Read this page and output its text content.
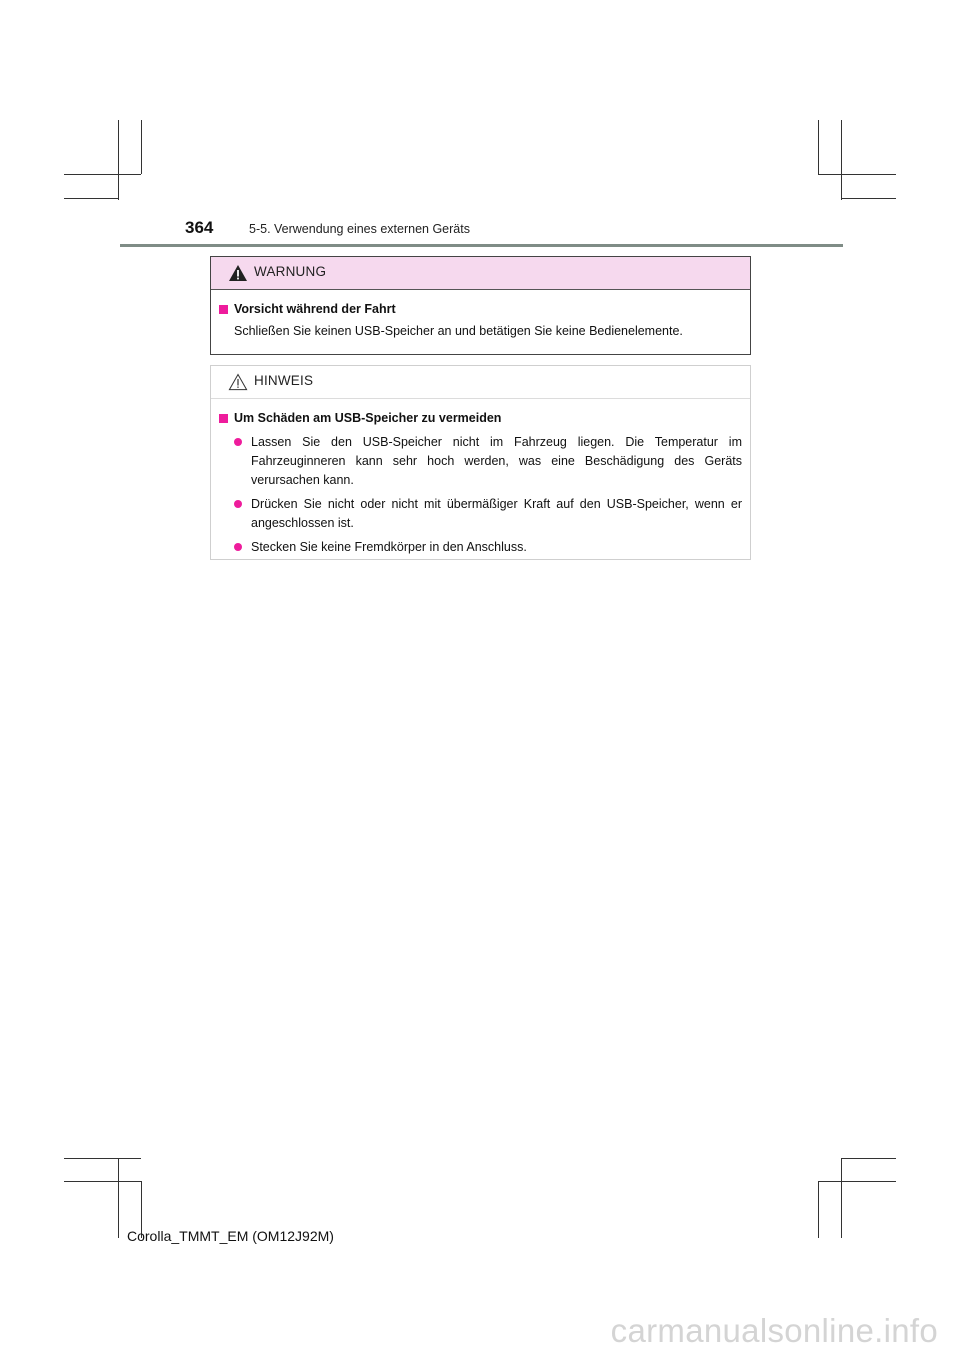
364	5-5. Verwendung eines externen Geräts
WARNUNG
Vorsicht während der Fahrt
Schließen Sie keinen USB-Speicher an und betätigen Sie keine Bedienelemente.
HINWEIS
Um Schäden am USB-Speicher zu vermeiden
Lassen Sie den USB-Speicher nicht im Fahrzeug liegen. Die Temperatur im Fahrzeuginneren kann sehr hoch werden, was eine Beschädigung des Geräts verursachen kann.
Drücken Sie nicht oder nicht mit übermäßiger Kraft auf den USB-Speicher, wenn er angeschlossen ist.
Stecken Sie keine Fremdkörper in den Anschluss.
Corolla_TMMT_EM (OM12J92M)
carmanualsonline.info
